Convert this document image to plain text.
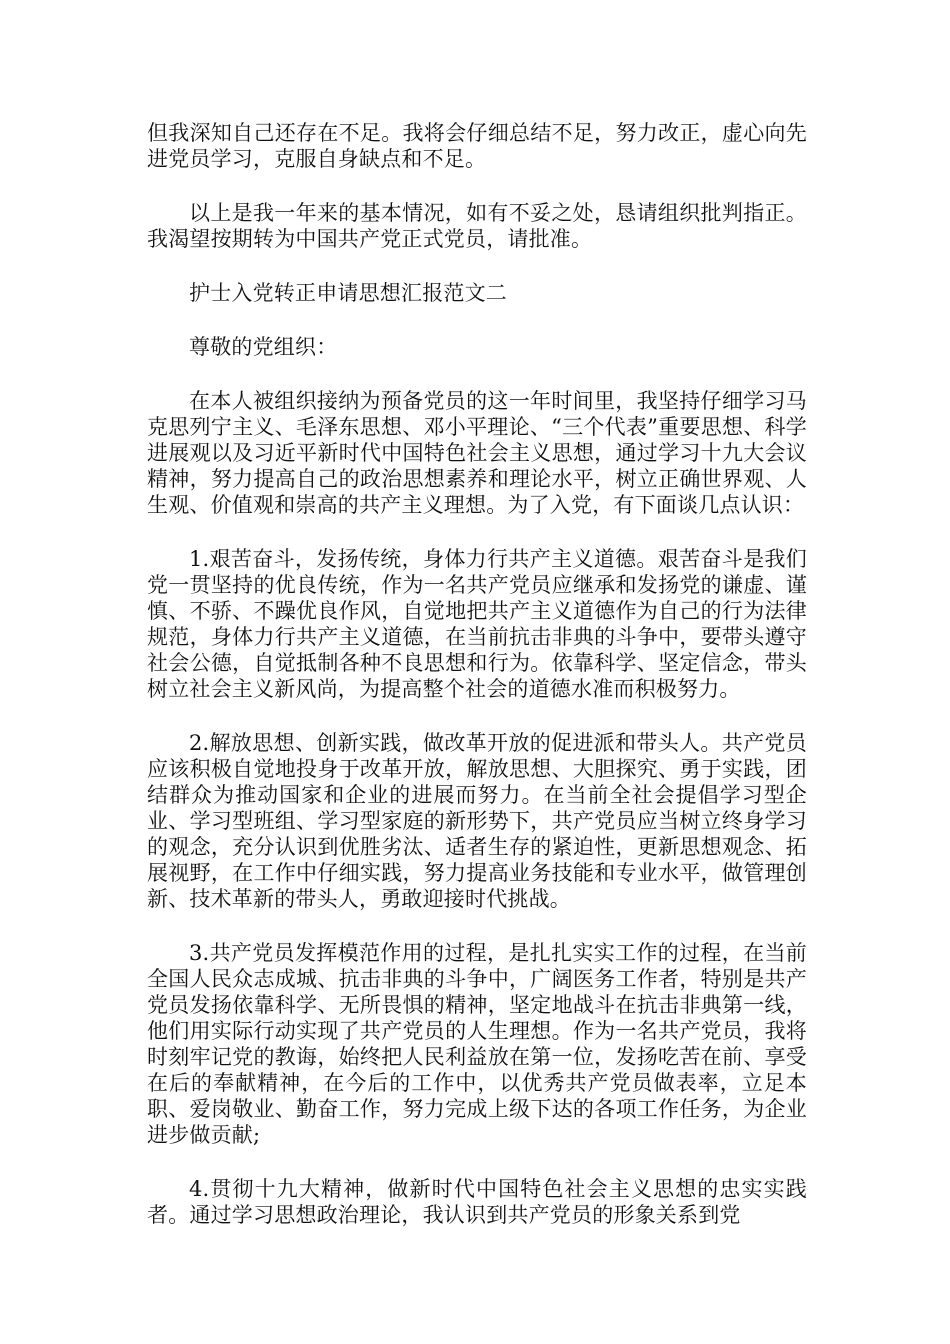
但我深知自己还存在不足。我将会仔细总结不足，努力改正，虚心向先进党员学习，克服自身缺点和不足。

以上是我一年来的基本情况，如有不妥之处，恳请组织批判指正。我渴望按期转为中国共产党正式党员，请批准。

护士入党转正申请思想汇报范文二

尊敬的党组织：

在本人被组织接纳为预备党员的这一年时间里，我坚持仔细学习马克思列宁主义、毛泽东思想、邓小平理论、“三个代表”重要思想、科学进展观以及习近平新时代中国特色社会主义思想，通过学习十九大会议精神，努力提高自己的政治思想素养和理论水平，树立正确世界观、人生观、价值观和崇高的共产主义理想。为了入党，有下面谈几点认识：

1.艰苦奋斗，发扬传统，身体力行共产主义道德。艰苦奋斗是我们党一贯坚持的优良传统，作为一名共产党员应继承和发扬党的谦虚、谨慎、不骄、不躁优良作风，自觉地把共产主义道德作为自己的行为法律规范，身体力行共产主义道德，在当前抗击非典的斗争中，要带头遵守社会公德，自觉抵制各种不良思想和行为。依靠科学、坚定信念，带头树立社会主义新风尚，为提高整个社会的道德水准而积极努力。

2.解放思想、创新实践，做改革开放的促进派和带头人。共产党员应该积极自觉地投身于改革开放，解放思想、大胆探究、勇于实践，团结群众为推动国家和企业的进展而努力。在当前全社会提倡学习型企业、学习型班组、学习型家庭的新形势下，共产党员应当树立终身学习的观念，充分认识到优胜劣汰、适者生存的紧迫性，更新思想观念、拓展视野，在工作中仔细实践，努力提高业务技能和专业水平，做管理创新、技术革新的带头人，勇敢迎接时代挑战。

3.共产党员发挥模范作用的过程，是扎扎实实工作的过程，在当前全国人民众志成城、抗击非典的斗争中，广阔医务工作者，特别是共产党员发扬依靠科学、无所畏惧的精神，坚定地战斗在抗击非典第一线，他们用实际行动实现了共产党员的人生理想。作为一名共产党员，我将时刻牢记党的教诲，始终把人民利益放在第一位，发扬吃苦在前、享受在后的奉献精神，在今后的工作中，以优秀共产党员做表率，立足本职、爱岗敬业、勤奋工作，努力完成上级下达的各项工作任务，为企业进步做贡献;

4.贯彻十九大精神，做新时代中国特色社会主义思想的忠实实践者。通过学习思想政治理论，我认识到共产党员的形象关系到党
